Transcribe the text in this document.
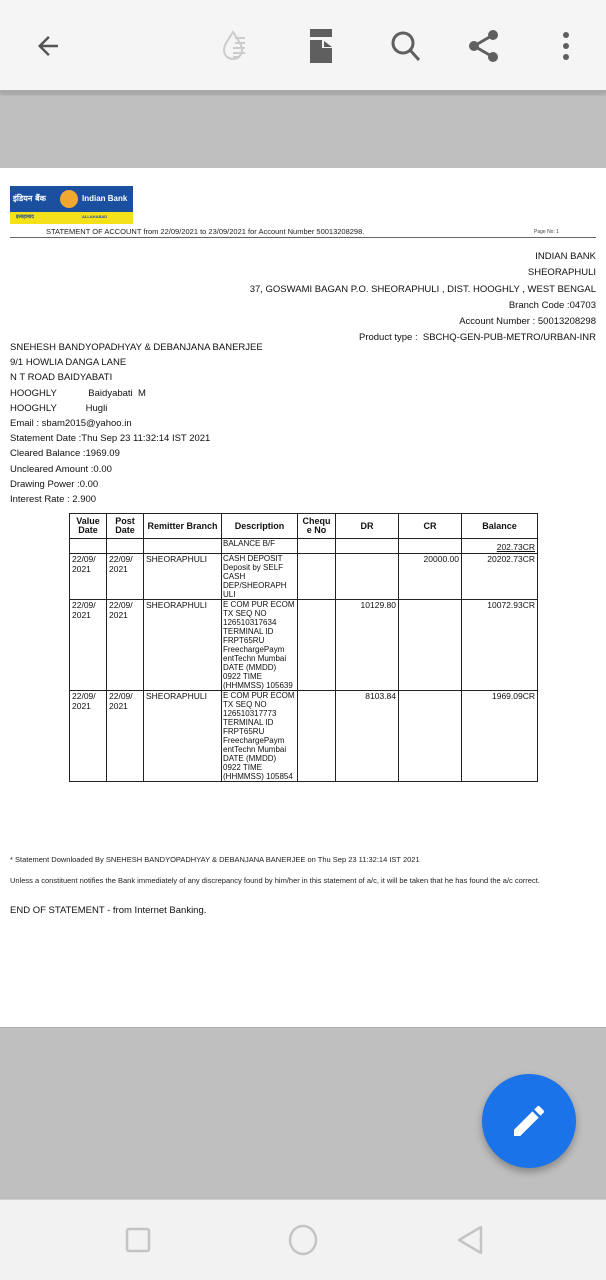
इंडियन बैंक	Indian Bank
इलाहाबाद	ALLAHABAD
STATEMENT OF ACCOUNT from 22/09/2021 to 23/09/2021 for Account Number 50013208298.	Page No: 1
INDIAN BANK
SHEORAPHULI
37, GOSWAMI BAGAN P.O. SHEORAPHULI , DIST. HOOGHLY , WEST BENGAL
Branch Code :04703
Account Number : 50013208298
Product type :  SBCHQ-GEN-PUB-METRO/URBAN-INR
SNEHESH BANDYOPADHYAY & DEBANJANA BANERJEE
9/1 HOWLIA DANGA LANE
N T ROAD BAIDYABATI
HOOGHLY            Baidyabati  M
HOOGHLY           Hugli
Email : sbam2015@yahoo.in
Statement Date :Thu Sep 23 11:32:14 IST 2021
Cleared Balance :1969.09
Uncleared Amount :0.00
Drawing Power :0.00
Interest Rate : 2.900
Value Date	Post Date	Remitter Branch	Description	Chequ e No	DR	CR	Balance
			BALANCE B/F				202.73CR
22/09/ 2021	22/09/ 2021	SHEORAPHULI	CASH DEPOSIT Deposit by SELF CASH DEP/SHEORAPH ULI			20000.00	20202.73CR
22/09/ 2021	22/09/ 2021	SHEORAPHULI	E COM PUR ECOM TX SEQ NO 126510317634 TERMINAL ID FRPT65RU FreechargePaym entTechn Mumbai DATE (MMDD) 0922 TIME (HHMMSS) 105639		10129.80		10072.93CR
22/09/ 2021	22/09/ 2021	SHEORAPHULI	E COM PUR ECOM TX SEQ NO 126510317773 TERMINAL ID FRPT65RU FreechargePaym entTechn Mumbai DATE (MMDD) 0922 TIME (HHMMSS) 105854		8103.84		1969.09CR
* Statement Downloaded By SNEHESH BANDYOPADHYAY & DEBANJANA BANERJEE on Thu Sep 23 11:32:14 IST 2021
Unless a constituent notifies the Bank immediately of any discrepancy found by him/her in this statement of a/c, it will be taken that he has found the a/c correct.
END OF STATEMENT - from Internet Banking.
